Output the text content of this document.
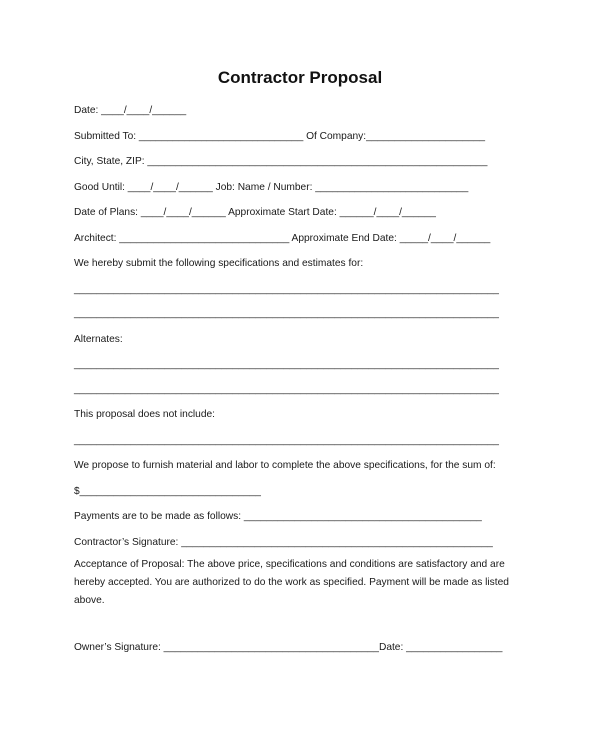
Contractor Proposal
Date: ____/____/______
Submitted To: _____________________________ Of Company:_____________________
City, State, ZIP: ____________________________________________________________
Good Until: ____/____/______ Job: Name / Number: ___________________________
Date of Plans: ____/____/______ Approximate Start Date: ______/____/______
Architect: ______________________________ Approximate End Date: _____/____/______
We hereby submit the following specifications and estimates for:
___________________________________________________________________________
___________________________________________________________________________
Alternates:
___________________________________________________________________________
___________________________________________________________________________
This proposal does not include:
___________________________________________________________________________
We propose to furnish material and labor to complete the above specifications, for the sum of:
$________________________________
Payments are to be made as follows: __________________________________________
Contractor’s Signature: _______________________________________________________
Acceptance of Proposal: The above price, specifications and conditions are satisfactory and are hereby accepted. You are authorized to do the work as specified. Payment will be made as listed above.
Owner’s Signature: ______________________________________Date: _________________
